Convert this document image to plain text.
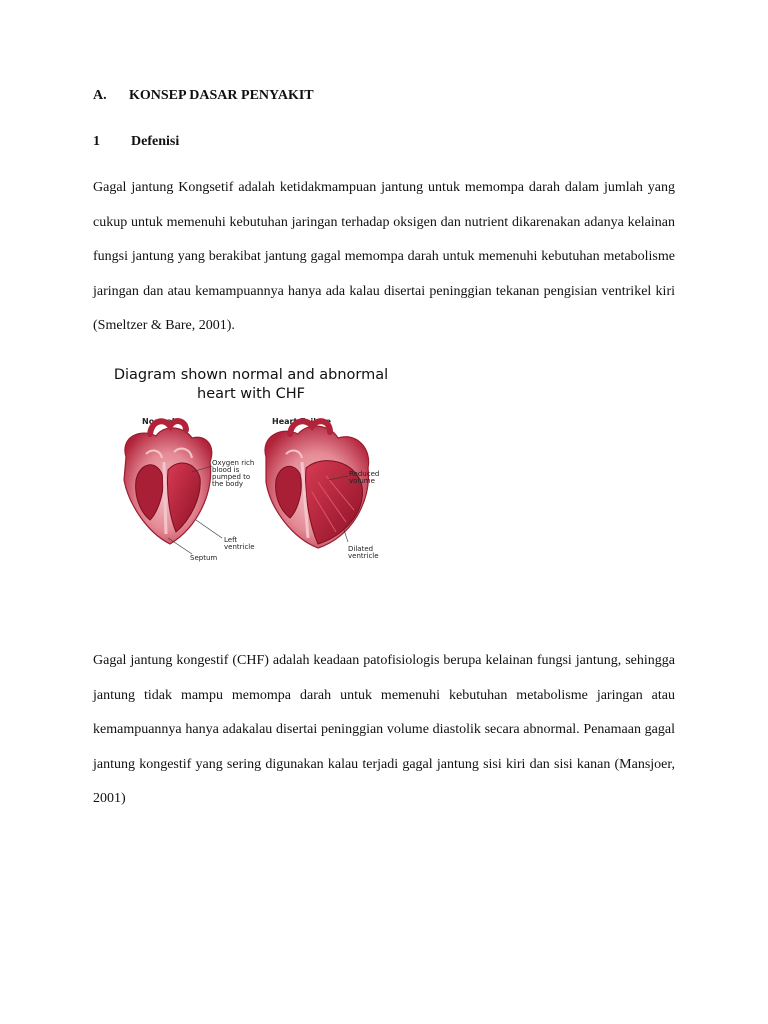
A. KONSEP DASAR PENYAKIT
1 Defenisi

Gagal jantung Kongsetif adalah ketidakmampuan jantung untuk memompa darah dalam jumlah yang cukup untuk memenuhi kebutuhan jaringan terhadap oksigen dan nutrient dikarenakan adanya kelainan fungsi jantung yang berakibat jantung gagal memompa darah untuk memenuhi kebutuhan metabolisme jaringan dan atau kemampuannya hanya ada kalau disertai peninggian tekanan pengisian ventrikel kiri (Smeltzer & Bare, 2001).

Diagram shown normal and abnormal
heart with CHF
Normal	Heart Failure
Oxygen rich blood is pumped to the body
Left ventricle
Septum
Reduced volume
Dilated ventricle

Gagal jantung kongestif (CHF) adalah keadaan patofisiologis berupa kelainan fungsi jantung, sehingga jantung tidak mampu memompa darah untuk memenuhi kebutuhan metabolisme jaringan atau kemampuannya hanya adakalau disertai peninggian volume diastolik secara abnormal. Penamaan gagal jantung kongestif yang sering digunakan kalau terjadi gagal jantung sisi kiri dan sisi kanan (Mansjoer, 2001)
